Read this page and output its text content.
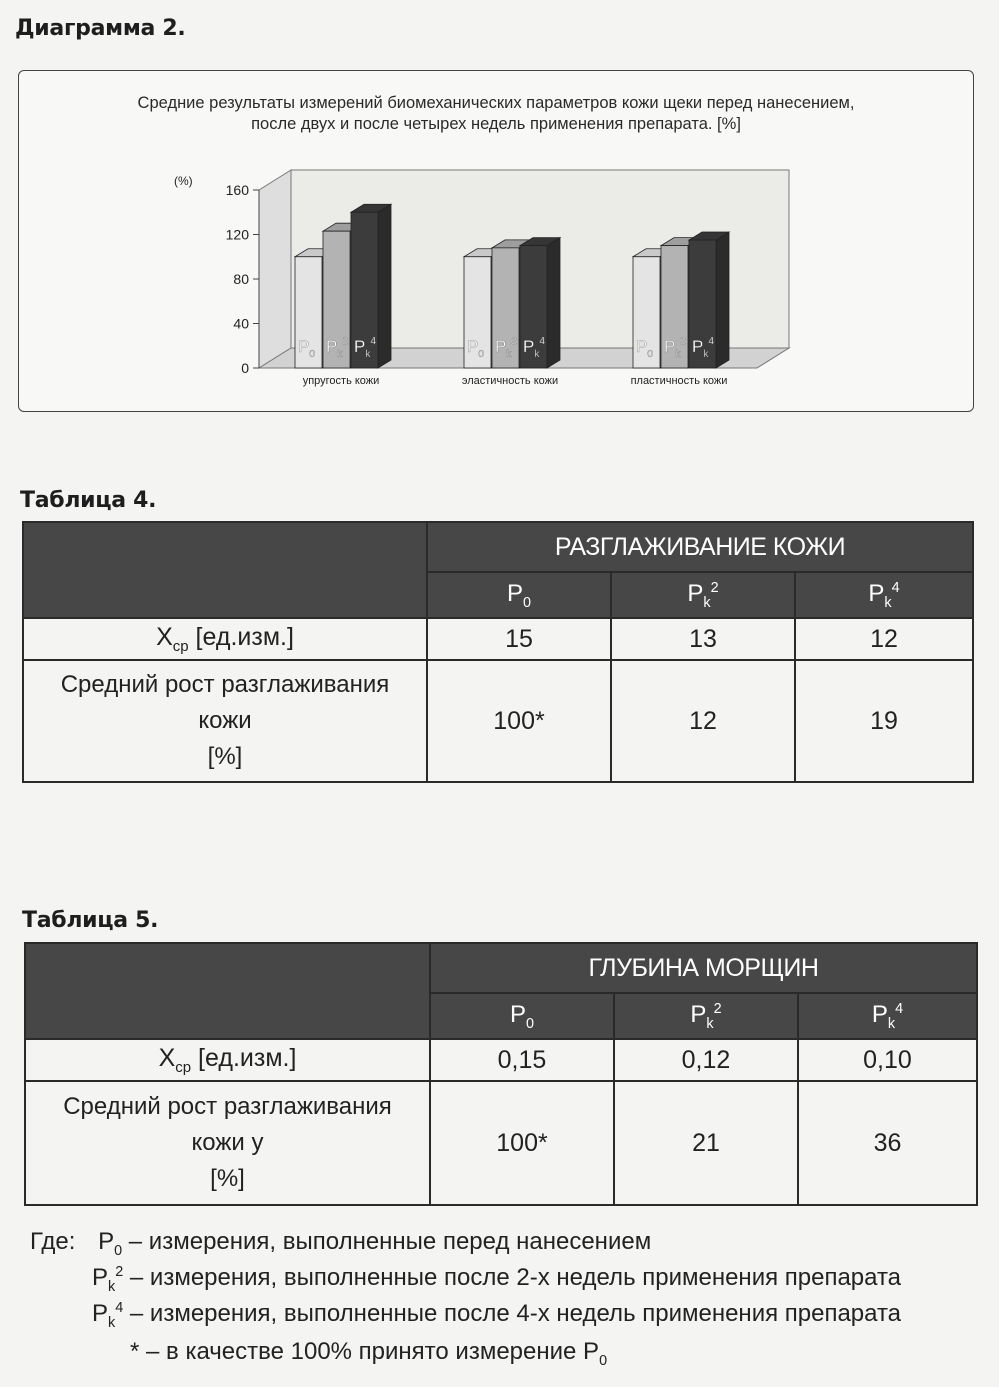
Диаграмма 2.
Средние результаты измерений биомеханических параметров кожи щеки перед нанесением,
после двух и после четырех недель применения препарата. [%]
0
40
80
120
160
(%)
$P_0$ $P_k^2$ $P_k^4$
упругость кожи
$P_0$ $P_k^2$ $P_k^4$
эластичность кожи
$P_0$ $P_k^2$ $P_k^4$
пластичность кожи
Таблица 4.
	РАЗГЛАЖИВАНИЕ КОЖИ		
	$P_0$	$P_k^2$	$P_k^4$
$X_{ср}$ [ед.изм.]	15	13	12

Средний рост разглаживания
кожи
[%]	100*	12	19
Таблица 5.
	ГЛУБИНА МОРЩИН		
	$P_0$	$P_k^2$	$P_k^4$
$X_{ср}$ [ед.изм.]	0,15	0,12	0,10

Средний рост разглаживания
кожи у
[%]	100*	21	36
Где: $P_0$ – измерения, выполненные перед нанесением
$P_k^2$ – измерения, выполненные после 2-х недель применения препарата
$P_k^4$ – измерения, выполненные после 4-х недель применения препарата
* – в качестве 100% принято измерение $P_0$
